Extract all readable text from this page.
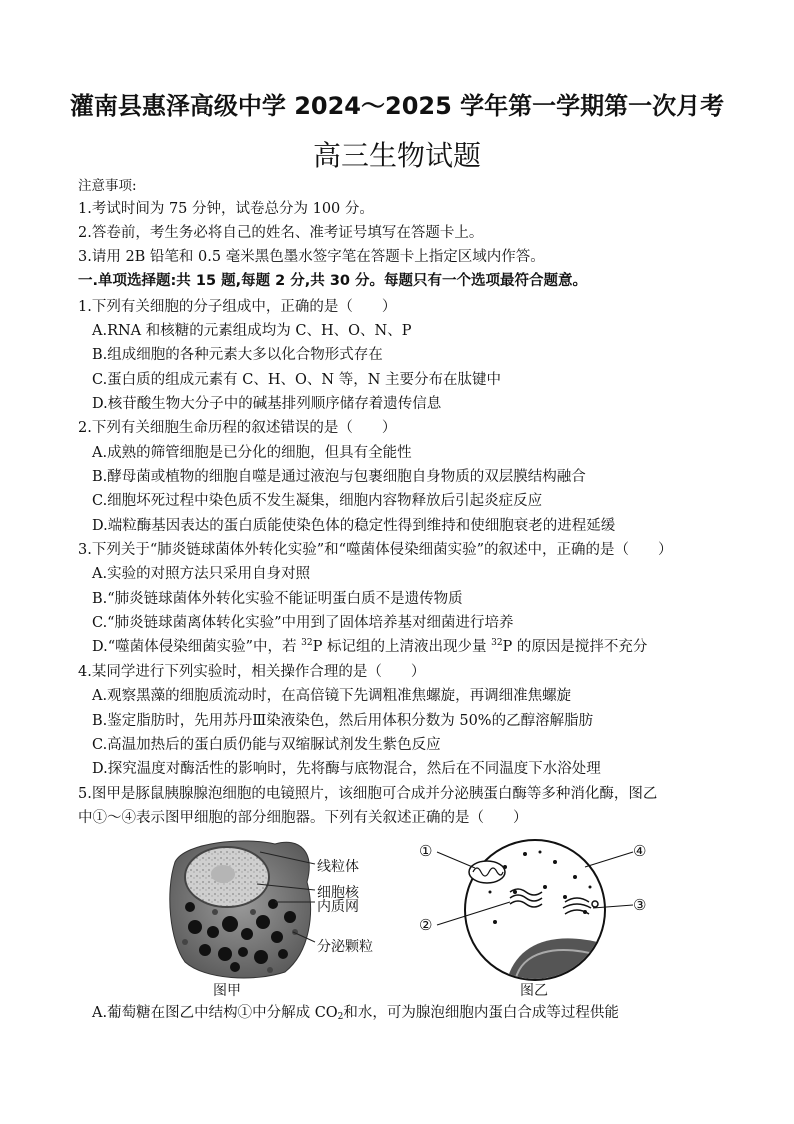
灌南县惠泽高级中学 2024～2025 学年第一学期第一次月考
高三生物试题
注意事项:
1.考试时间为 75 分钟，试卷总分为 100 分。
2.答卷前，考生务必将自己的姓名、准考证号填写在答题卡上。
3.请用 2B 铅笔和 0.5 毫米黑色墨水签字笔在答题卡上指定区域内作答。
一.单项选择题:共 15 题,每题 2 分,共 30 分。每题只有一个选项最符合题意。
1.下列有关细胞的分子组成中，正确的是（　　）
A.RNA 和核糖的元素组成均为 C、H、O、N、P
B.组成细胞的各种元素大多以化合物形式存在
C.蛋白质的组成元素有 C、H、O、N 等，N 主要分布在肽键中
D.核苷酸生物大分子中的碱基排列顺序储存着遗传信息
2.下列有关细胞生命历程的叙述错误的是（　　）
A.成熟的筛管细胞是已分化的细胞，但具有全能性
B.酵母菌或植物的细胞自噬是通过液泡与包裹细胞自身物质的双层膜结构融合
C.细胞坏死过程中染色质不发生凝集，细胞内容物释放后引起炎症反应
D.端粒酶基因表达的蛋白质能使染色体的稳定性得到维持和使细胞衰老的进程延缓
3.下列关于“肺炎链球菌体外转化实验”和“噬菌体侵染细菌实验”的叙述中，正确的是（　　）
A.实验的对照方法只采用自身对照
B.“肺炎链球菌体外转化实验不能证明蛋白质不是遗传物质
C.“肺炎链球菌离体转化实验”中用到了固体培养基对细菌进行培养
D.“噬菌体侵染细菌实验”中，若 $^{32}$P 标记组的上清液出现少量 $^{32}$P 的原因是搅拌不充分
4.某同学进行下列实验时，相关操作合理的是（　　）
A.观察黑藻的细胞质流动时，在高倍镜下先调粗准焦螺旋，再调细准焦螺旋
B.鉴定脂肪时，先用苏丹Ⅲ染液染色，然后用体积分数为 50%的乙醇溶解脂肪
C.高温加热后的蛋白质仍能与双缩脲试剂发生紫色反应
D.探究温度对酶活性的影响时，先将酶与底物混合，然后在不同温度下水浴处理
5.图甲是豚鼠胰腺腺泡细胞的电镜照片，该细胞可合成并分泌胰蛋白酶等多种消化酶，图乙
中①～④表示图甲细胞的部分细胞器。下列有关叙述正确的是（　　）
线粒体
细胞核
内质网
分泌颗粒
图甲
①
②
③
④
图乙
A.葡萄糖在图乙中结构①中分解成 $CO_2$和水，可为腺泡细胞内蛋白合成等过程供能
